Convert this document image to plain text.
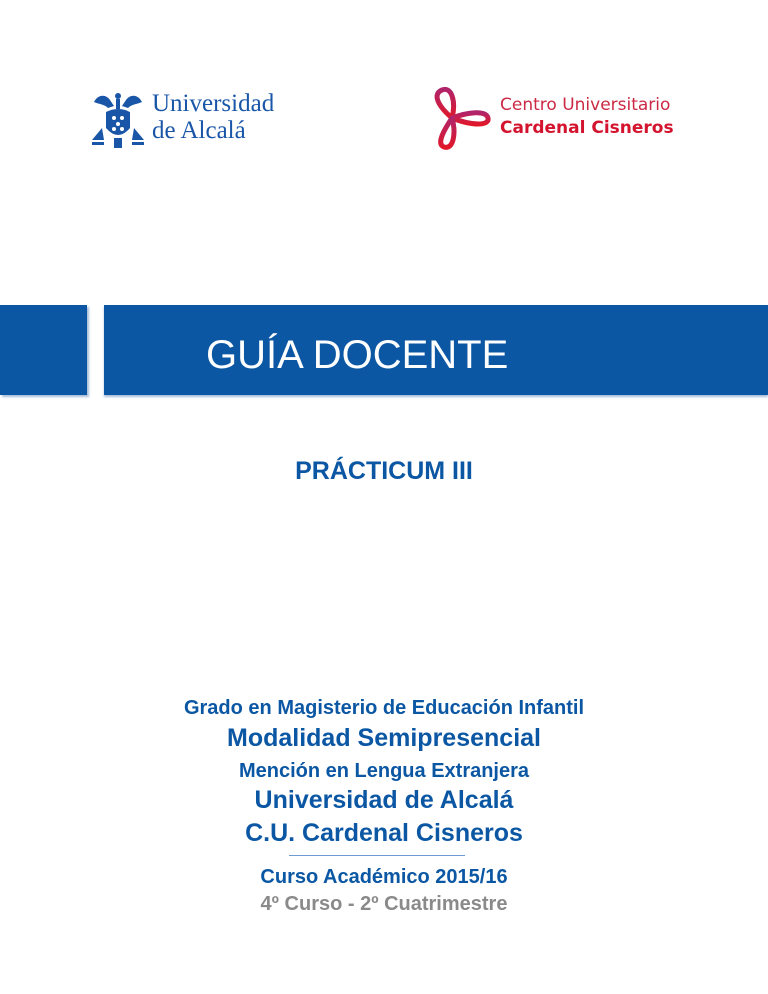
Universidad
de Alcalá
Centro Universitario
Cardenal Cisneros
GUÍA DOCENTE
PRÁCTICUM III
Grado en Magisterio de Educación Infantil
Modalidad Semipresencial
Mención en Lengua Extranjera
Universidad de Alcalá
C.U. Cardenal Cisneros
Curso Académico 2015/16
4º Curso - 2º Cuatrimestre
